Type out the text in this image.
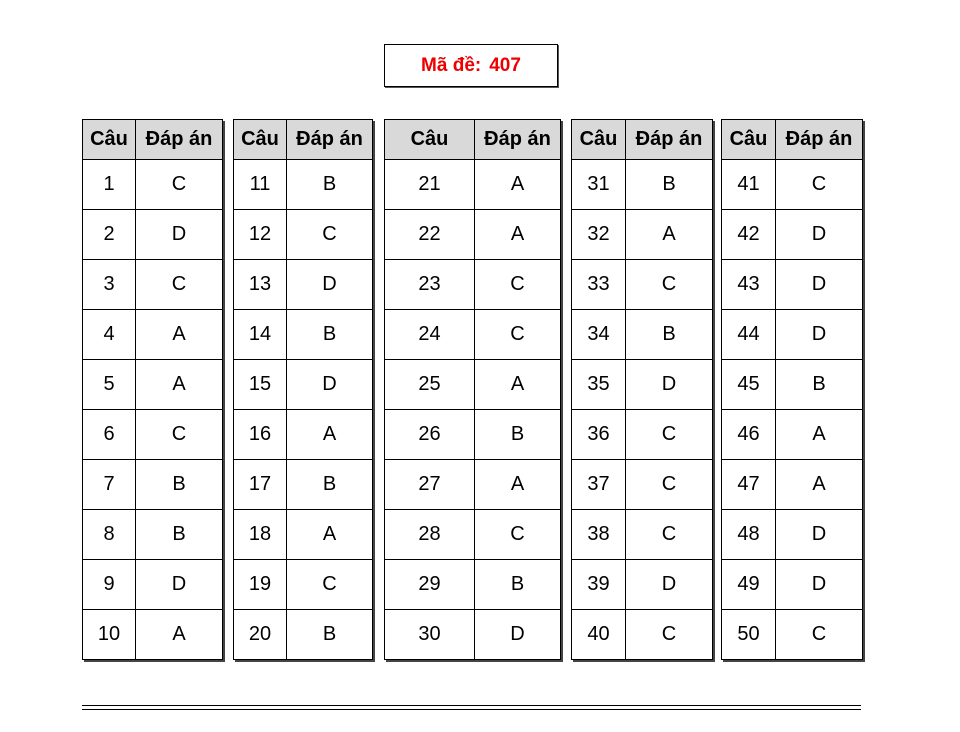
Mã đề: 407
Câu	Đáp án
1	C
2	D
3	C
4	A
5	A
6	C
7	B
8	B
9	D
10	A
Câu	Đáp án
11	B
12	C
13	D
14	B
15	D
16	A
17	B
18	A
19	C
20	B
Câu	Đáp án
21	A
22	A
23	C
24	C
25	A
26	B
27	A
28	C
29	B
30	D
Câu	Đáp án
31	B
32	A
33	C
34	B
35	D
36	C
37	C
38	C
39	D
40	C
Câu	Đáp án
41	C
42	D
43	D
44	D
45	B
46	A
47	A
48	D
49	D
50	C
